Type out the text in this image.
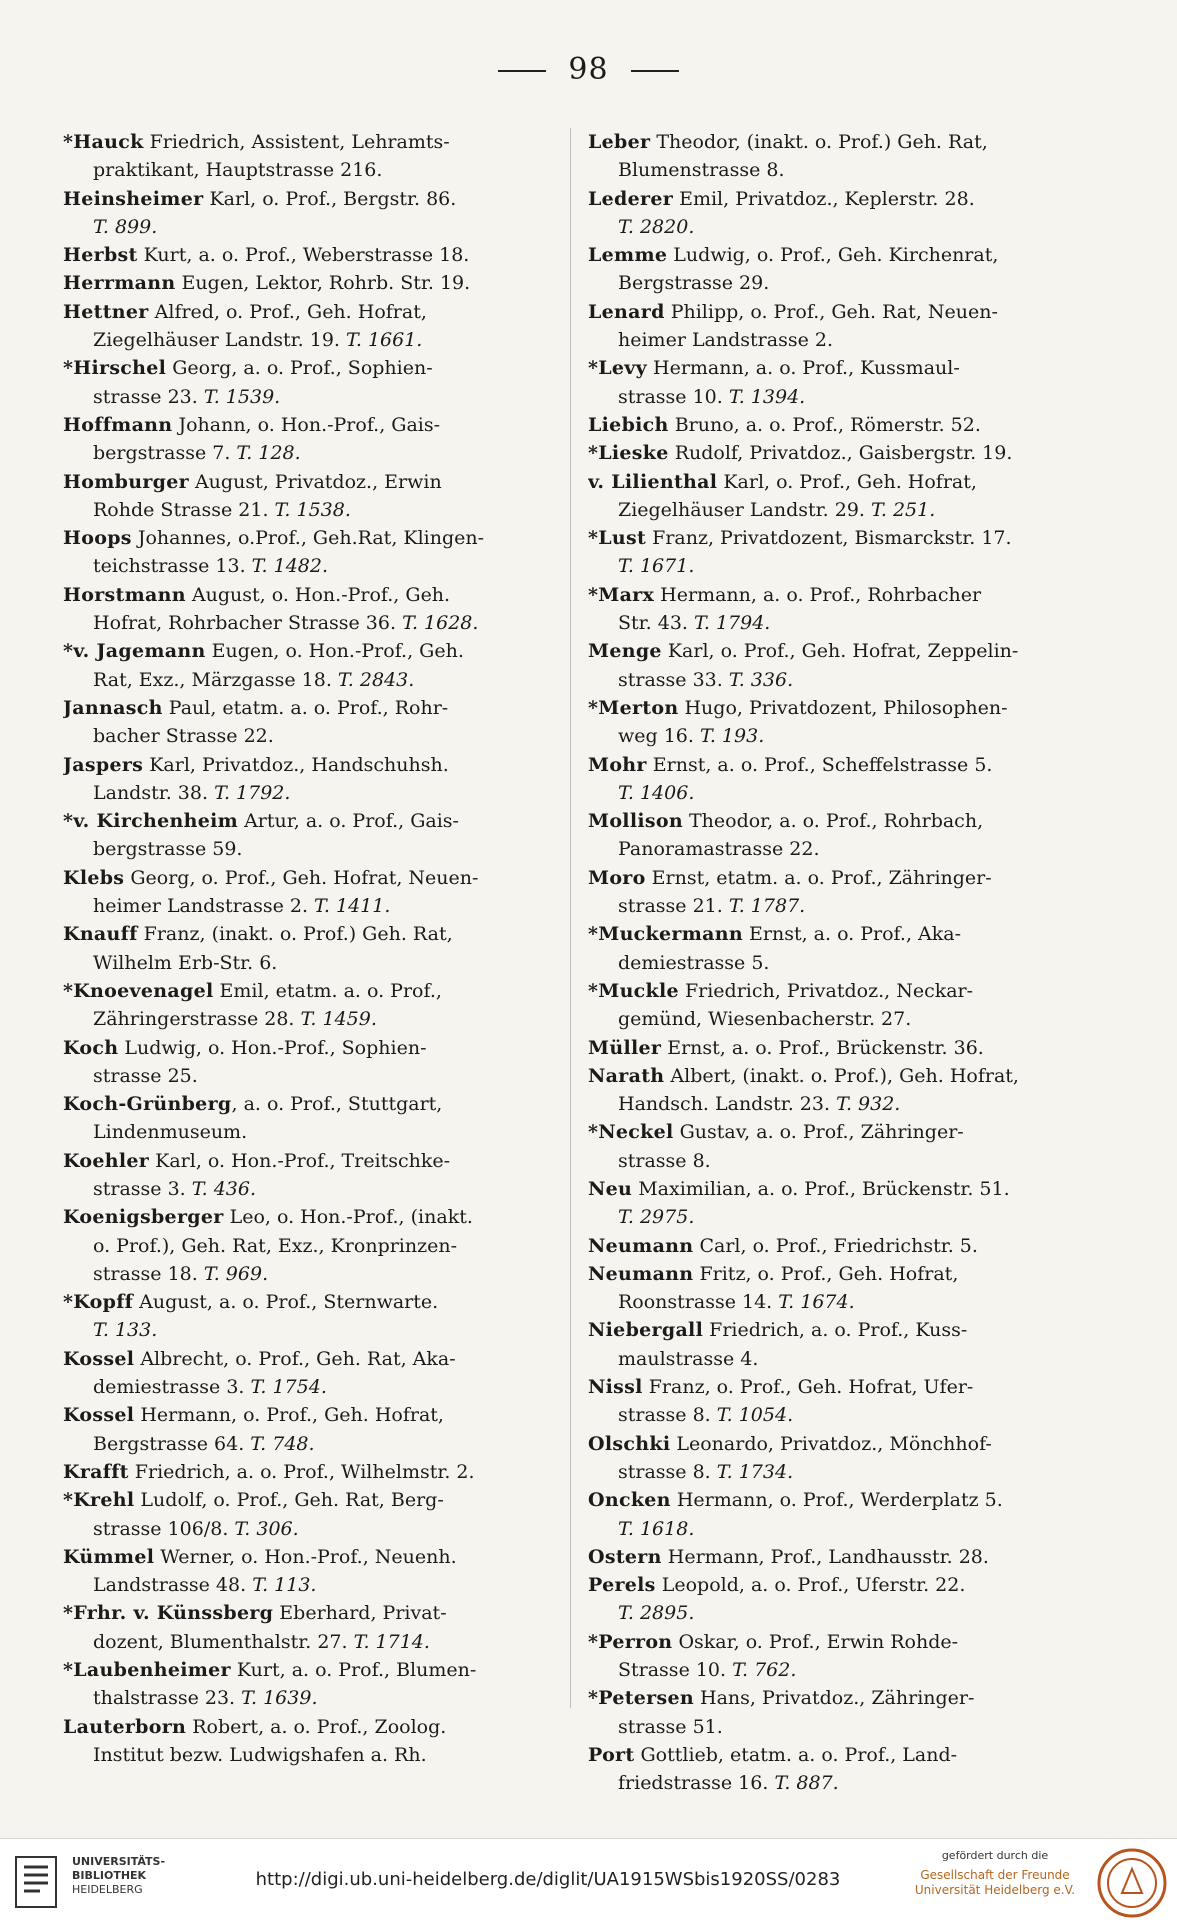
98
*Hauck Friedrich, Assistent, Lehramts-
praktikant, Hauptstrasse 216.
Heinsheimer Karl, o. Prof., Bergstr. 86.
T. 899.
Herbst Kurt, a. o. Prof., Weberstrasse 18.
Herrmann Eugen, Lektor, Rohrb. Str. 19.
Hettner Alfred, o. Prof., Geh. Hofrat,
Ziegelhäuser Landstr. 19. T. 1661.
*Hirschel Georg, a. o. Prof., Sophien-
strasse 23. T. 1539.
Hoffmann Johann, o. Hon.-Prof., Gais-
bergstrasse 7. T. 128.
Homburger August, Privatdoz., Erwin
Rohde Strasse 21. T. 1538.
Hoops Johannes, o.Prof., Geh.Rat, Klingen-
teichstrasse 13. T. 1482.
Horstmann August, o. Hon.-Prof., Geh.
Hofrat, Rohrbacher Strasse 36. T. 1628.
*v. Jagemann Eugen, o. Hon.-Prof., Geh.
Rat, Exz., Märzgasse 18. T. 2843.
Jannasch Paul, etatm. a. o. Prof., Rohr-
bacher Strasse 22.
Jaspers Karl, Privatdoz., Handschuhsh.
Landstr. 38. T. 1792.
*v. Kirchenheim Artur, a. o. Prof., Gais-
bergstrasse 59.
Klebs Georg, o. Prof., Geh. Hofrat, Neuen-
heimer Landstrasse 2. T. 1411.
Knauff Franz, (inakt. o. Prof.) Geh. Rat,
Wilhelm Erb-Str. 6.
*Knoevenagel Emil, etatm. a. o. Prof.,
Zähringerstrasse 28. T. 1459.
Koch Ludwig, o. Hon.-Prof., Sophien-
strasse 25.
Koch-Grünberg, a. o. Prof., Stuttgart,
Lindenmuseum.
Koehler Karl, o. Hon.-Prof., Treitschke-
strasse 3. T. 436.
Koenigsberger Leo, o. Hon.-Prof., (inakt.
o. Prof.), Geh. Rat, Exz., Kronprinzen-
strasse 18. T. 969.
*Kopff August, a. o. Prof., Sternwarte.
T. 133.
Kossel Albrecht, o. Prof., Geh. Rat, Aka-
demiestrasse 3. T. 1754.
Kossel Hermann, o. Prof., Geh. Hofrat,
Bergstrasse 64. T. 748.
Krafft Friedrich, a. o. Prof., Wilhelmstr. 2.
*Krehl Ludolf, o. Prof., Geh. Rat, Berg-
strasse 106/8. T. 306.
Kümmel Werner, o. Hon.-Prof., Neuenh.
Landstrasse 48. T. 113.
*Frhr. v. Künssberg Eberhard, Privat-
dozent, Blumenthalstr. 27. T. 1714.
*Laubenheimer Kurt, a. o. Prof., Blumen-
thalstrasse 23. T. 1639.
Lauterborn Robert, a. o. Prof., Zoolog.
Institut bezw. Ludwigshafen a. Rh.
Leber Theodor, (inakt. o. Prof.) Geh. Rat,
Blumenstrasse 8.
Lederer Emil, Privatdoz., Keplerstr. 28.
T. 2820.
Lemme Ludwig, o. Prof., Geh. Kirchenrat,
Bergstrasse 29.
Lenard Philipp, o. Prof., Geh. Rat, Neuen-
heimer Landstrasse 2.
*Levy Hermann, a. o. Prof., Kussmaul-
strasse 10. T. 1394.
Liebich Bruno, a. o. Prof., Römerstr. 52.
*Lieske Rudolf, Privatdoz., Gaisbergstr. 19.
v. Lilienthal Karl, o. Prof., Geh. Hofrat,
Ziegelhäuser Landstr. 29. T. 251.
*Lust Franz, Privatdozent, Bismarckstr. 17.
T. 1671.
*Marx Hermann, a. o. Prof., Rohrbacher
Str. 43. T. 1794.
Menge Karl, o. Prof., Geh. Hofrat, Zeppelin-
strasse 33. T. 336.
*Merton Hugo, Privatdozent, Philosophen-
weg 16. T. 193.
Mohr Ernst, a. o. Prof., Scheffelstrasse 5.
T. 1406.
Mollison Theodor, a. o. Prof., Rohrbach,
Panoramastrasse 22.
Moro Ernst, etatm. a. o. Prof., Zähringer-
strasse 21. T. 1787.
*Muckermann Ernst, a. o. Prof., Aka-
demiestrasse 5.
*Muckle Friedrich, Privatdoz., Neckar-
gemünd, Wiesenbacherstr. 27.
Müller Ernst, a. o. Prof., Brückenstr. 36.
Narath Albert, (inakt. o. Prof.), Geh. Hofrat,
Handsch. Landstr. 23. T. 932.
*Neckel Gustav, a. o. Prof., Zähringer-
strasse 8.
Neu Maximilian, a. o. Prof., Brückenstr. 51.
T. 2975.
Neumann Carl, o. Prof., Friedrichstr. 5.
Neumann Fritz, o. Prof., Geh. Hofrat,
Roonstrasse 14. T. 1674.
Niebergall Friedrich, a. o. Prof., Kuss-
maulstrasse 4.
Nissl Franz, o. Prof., Geh. Hofrat, Ufer-
strasse 8. T. 1054.
Olschki Leonardo, Privatdoz., Mönchhof-
strasse 8. T. 1734.
Oncken Hermann, o. Prof., Werderplatz 5.
T. 1618.
Ostern Hermann, Prof., Landhausstr. 28.
Perels Leopold, a. o. Prof., Uferstr. 22.
T. 2895.
*Perron Oskar, o. Prof., Erwin Rohde-
Strasse 10. T. 762.
*Petersen Hans, Privatdoz., Zähringer-
strasse 51.
Port Gottlieb, etatm. a. o. Prof., Land-
friedstrasse 16. T. 887.
UNIVERSITÄTS-
BIBLIOTHEK
HEIDELBERG	http://digi.ub.uni-heidelberg.de/diglit/UA1915WSbis1920SS/0283
gefördert durch die
Gesellschaft der Freunde
Universität Heidelberg e.V.
